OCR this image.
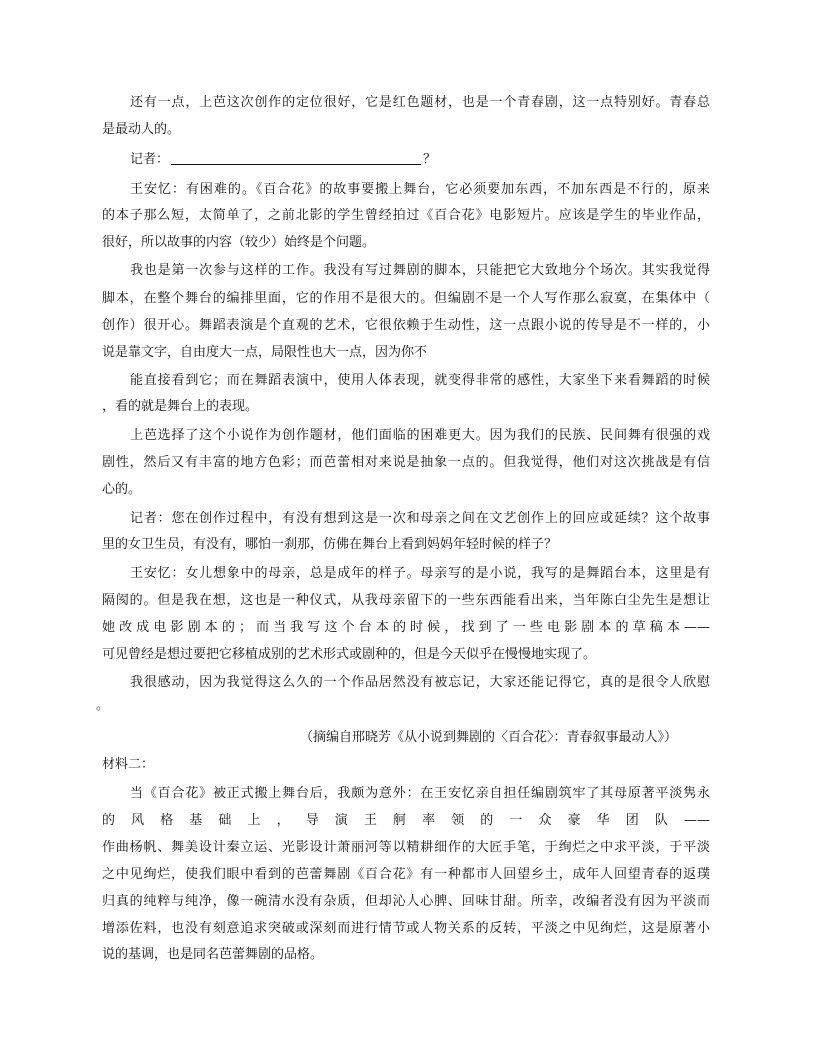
还有一点，上芭这次创作的定位很好，它是红色题材，也是一个青春剧，这一点特别好。青春总
是最动人的。
记者：	？
王安忆：有困难的。《百合花》的故事要搬上舞台，它必须要加东西，不加东西是不行的，原来
的本子那么短，太简单了，之前北影的学生曾经拍过《百合花》电影短片。应该是学生的毕业作品，
很好，所以故事的内容（较少）始终是个问题。
我也是第一次参与这样的工作。我没有写过舞剧的脚本，只能把它大致地分个场次。其实我觉得
脚本，在整个舞台的编排里面，它的作用不是很大的。但编剧不是一个人写作那么寂寞，在集体中（
创作）很开心。舞蹈表演是个直观的艺术，它很依赖于生动性，这一点跟小说的传导是不一样的，小
说是靠文字，自由度大一点，局限性也大一点，因为你不
能直接看到它；而在舞蹈表演中，使用人体表现，就变得非常的感性，大家坐下来看舞蹈的时候
，看的就是舞台上的表现。
上芭选择了这个小说作为创作题材，他们面临的困难更大。因为我们的民族、民间舞有很强的戏
剧性，然后又有丰富的地方色彩；而芭蕾相对来说是抽象一点的。但我觉得，他们对这次挑战是有信
心的。
记者：您在创作过程中，有没有想到这是一次和母亲之间在文艺创作上的回应或延续？这个故事
里的女卫生员，有没有，哪怕一刹那，仿佛在舞台上看到妈妈年轻时候的样子？
王安忆：女儿想象中的母亲，总是成年的样子。母亲写的是小说，我写的是舞蹈台本，这里是有
隔阂的。但是我在想，这也是一种仪式，从我母亲留下的一些东西能看出来，当年陈白尘先生是想让
她改成电影剧本的；而当我写这个台本的时候，找到了一些电影剧本的草稿本——
可见曾经是想过要把它移植成别的艺术形式或剧种的，但是今天似乎在慢慢地实现了。
我很感动，因为我觉得这么久的一个作品居然没有被忘记，大家还能记得它，真的是很令人欣慰
。
（摘编自邢晓芳《从小说到舞剧的〈百合花〉：青春叙事最动人》）
材料二：
当《百合花》被正式搬上舞台后，我颇为意外：在王安忆亲自担任编剧筑牢了其母原著平淡隽永
的风格基础上，导演王舸率领的一众豪华团队——
作曲杨帆、舞美设计秦立运、光影设计萧丽河等以精耕细作的大匠手笔，于绚烂之中求平淡，于平淡
之中见绚烂，使我们眼中看到的芭蕾舞剧《百合花》有一种都市人回望乡土，成年人回望青春的返璞
归真的纯粹与纯净，像一碗清水没有杂质，但却沁人心脾、回味甘甜。所幸，改编者没有因为平淡而
增添佐料，也没有刻意追求突破或深刻而进行情节或人物关系的反转，平淡之中见绚烂，这是原著小
说的基调，也是同名芭蕾舞剧的品格。
